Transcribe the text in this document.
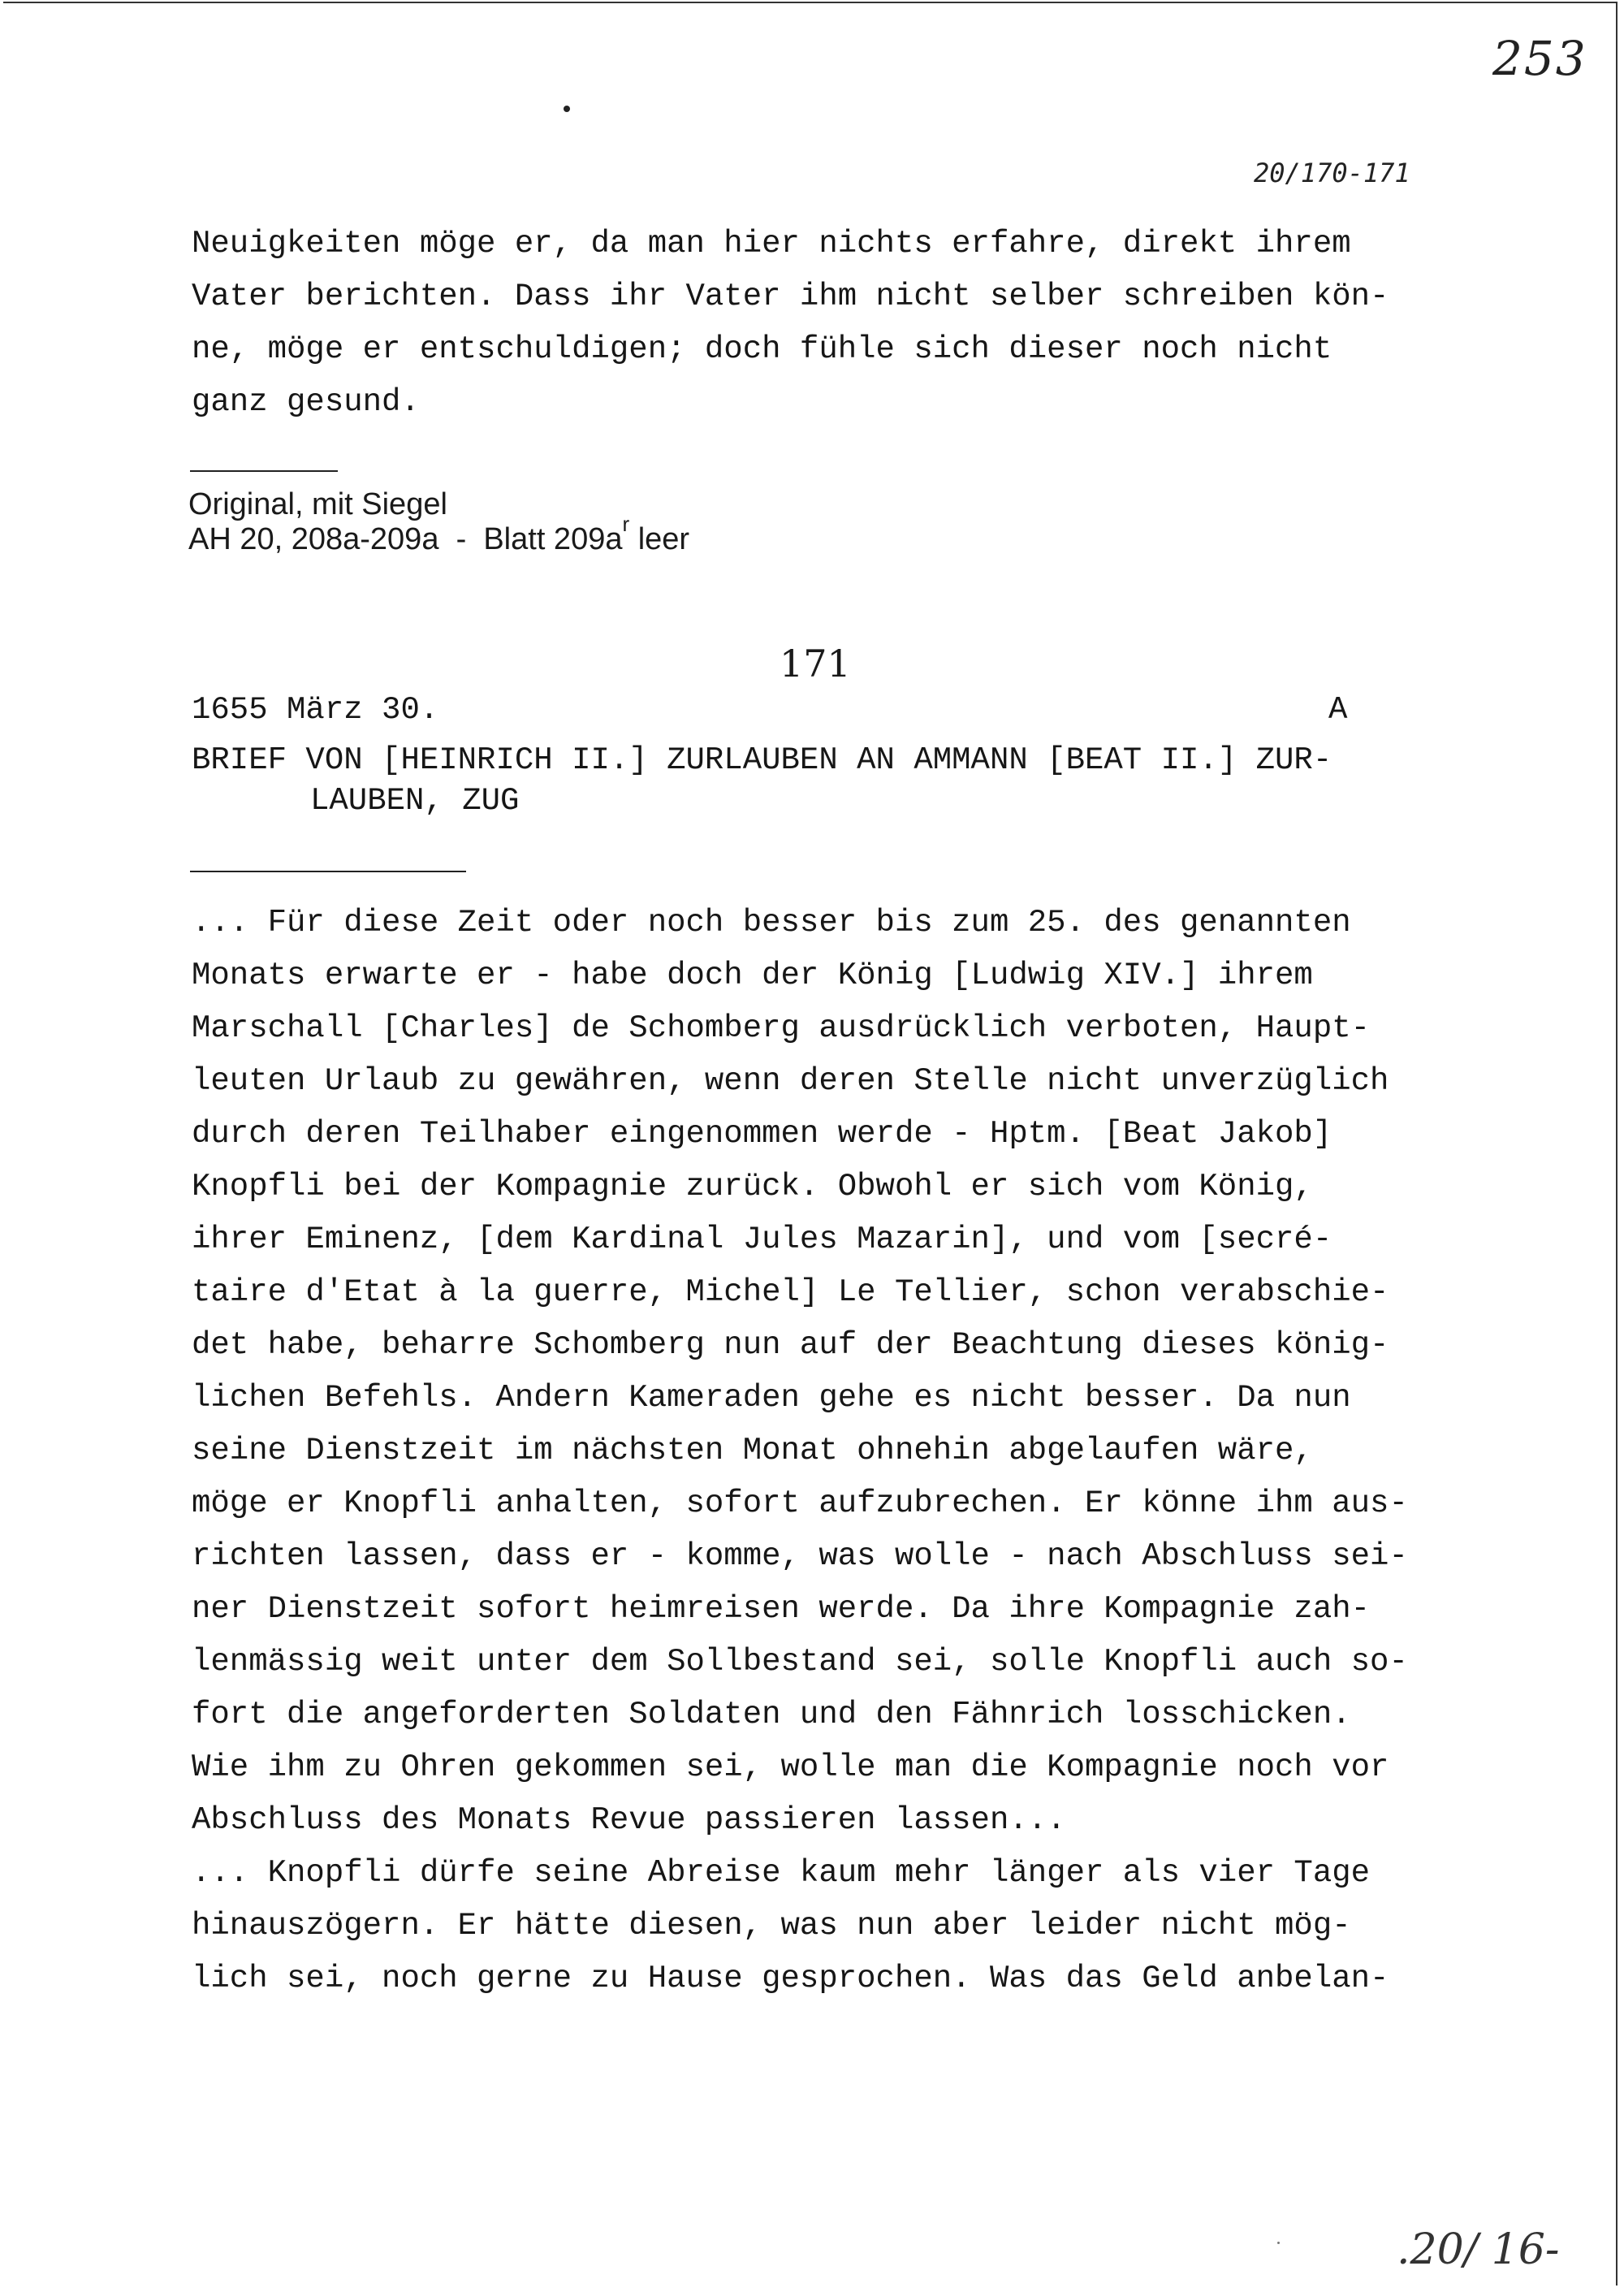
253
20/170-171
Neuigkeiten möge er, da man hier nichts erfahre, direkt ihrem
Vater berichten. Dass ihr Vater ihm nicht selber schreiben kön-
ne, möge er entschuldigen; doch fühle sich dieser noch nicht
ganz gesund.
Original, mit Siegel
AH 20, 208a-209a  -  Blatt $209a^r$ leer
171
1655 März 30.	A
BRIEF VON [HEINRICH II.] ZURLAUBEN AN AMMANN [BEAT II.] ZUR-
LAUBEN, ZUG
... Für diese Zeit oder noch besser bis zum 25. des genannten
Monats erwarte er - habe doch der König [Ludwig XIV.] ihrem
Marschall [Charles] de Schomberg ausdrücklich verboten, Haupt-
leuten Urlaub zu gewähren, wenn deren Stelle nicht unverzüglich
durch deren Teilhaber eingenommen werde - Hptm. [Beat Jakob]
Knopfli bei der Kompagnie zurück. Obwohl er sich vom König,
ihrer Eminenz, [dem Kardinal Jules Mazarin], und vom [secré-
taire d'Etat à la guerre, Michel] Le Tellier, schon verabschie-
det habe, beharre Schomberg nun auf der Beachtung dieses könig-
lichen Befehls. Andern Kameraden gehe es nicht besser. Da nun
seine Dienstzeit im nächsten Monat ohnehin abgelaufen wäre,
möge er Knopfli anhalten, sofort aufzubrechen. Er könne ihm aus-
richten lassen, dass er - komme, was wolle - nach Abschluss sei-
ner Dienstzeit sofort heimreisen werde. Da ihre Kompagnie zah-
lenmässig weit unter dem Sollbestand sei, solle Knopfli auch so-
fort die angeforderten Soldaten und den Fähnrich losschicken.
Wie ihm zu Ohren gekommen sei, wolle man die Kompagnie noch vor
Abschluss des Monats Revue passieren lassen...
... Knopfli dürfe seine Abreise kaum mehr länger als vier Tage
hinauszögern. Er hätte diesen, was nun aber leider nicht mög-
lich sei, noch gerne zu Hause gesprochen. Was das Geld anbelan-
.20/ 16-
